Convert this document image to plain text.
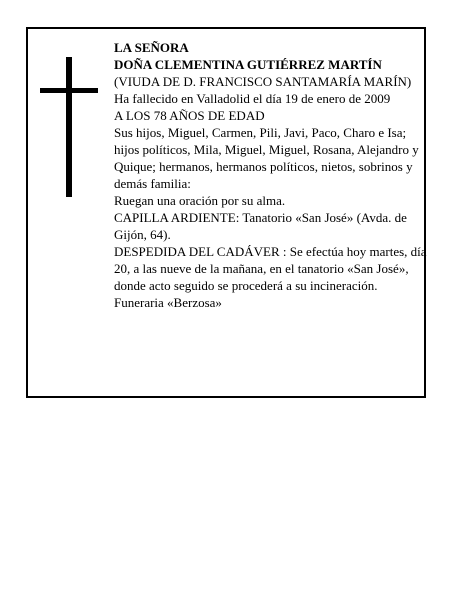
LA SEÑORA

DOÑA CLEMENTINA GUTIÉRREZ MARTÍN

(VIUDA DE D. FRANCISCO SANTAMARÍA MARÍN)

Ha fallecido en Valladolid el día 19 de enero de 2009

A LOS 78 AÑOS DE EDAD

Sus hijos, Miguel, Carmen, Pili, Javi, Paco, Charo e Isa; hijos políticos, Mila, Miguel, Miguel, Rosana, Alejandro y Quique; hermanos, hermanos políticos, nietos, sobrinos y demás familia:

Ruegan una oración por su alma.

CAPILLA ARDIENTE: Tanatorio «San José» (Avda. de Gijón, 64).

DESPEDIDA DEL CADÁVER : Se efectúa hoy martes, día 20, a las nueve de la mañana, en el tanatorio «San José», donde acto seguido se procederá a su incineración.

Funeraria «Berzosa»
